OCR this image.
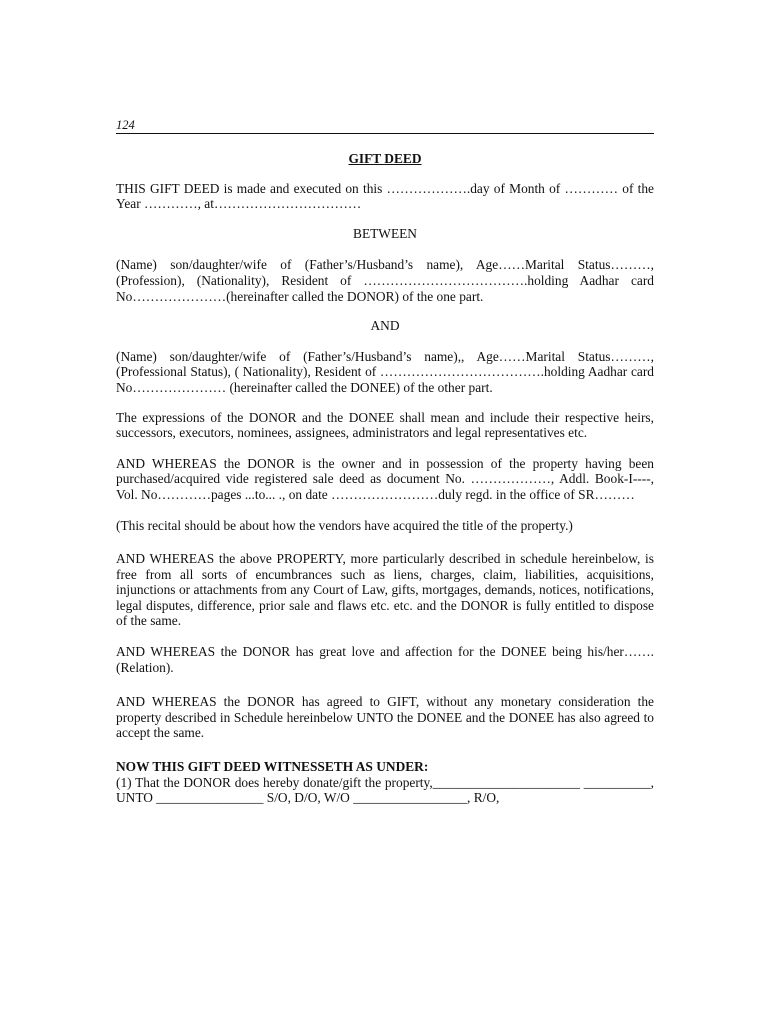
124
GIFT DEED

THIS GIFT DEED is made and executed on this ……………….day of Month of ………… of the Year …………, at……………………………

BETWEEN

(Name) son/daughter/wife of (Father’s/Husband’s name), Age……Marital Status………, (Profession), (Nationality), Resident of ……………………………….holding Aadhar card No…………………(hereinafter called the DONOR) of the one part.

AND

(Name) son/daughter/wife of (Father’s/Husband’s name),, Age……Marital Status………, (Professional Status), ( Nationality), Resident of ……………………………….holding Aadhar card No………………… (hereinafter called the DONEE) of the other part.

The expressions of the DONOR and the DONEE shall mean and include their respective heirs, successors, executors, nominees, assignees, administrators and legal representatives etc.

AND WHEREAS the DONOR is the owner and in possession of the property having been purchased/acquired vide registered sale deed as document No. ………………, Addl. Book-I----, Vol. No…………pages ...to... ., on date ……………………duly regd. in the office of SR………

(This recital should be about how the vendors have acquired the title of the property.)

AND WHEREAS the above PROPERTY, more particularly described in schedule hereinbelow, is free from all sorts of encumbrances such as liens, charges, claim, liabilities, acquisitions, injunctions or attachments from any Court of Law, gifts, mortgages, demands, notices, notifications, legal disputes, difference, prior sale and flaws etc. etc. and the DONOR is fully entitled to dispose of the same.

AND WHEREAS the DONOR has great love and affection for the DONEE being his/her…….(Relation).

AND WHEREAS the DONOR has agreed to GIFT, without any monetary consideration the property described in Schedule hereinbelow UNTO the DONEE and the DONEE has also agreed to accept the same.

NOW THIS GIFT DEED WITNESSETH AS UNDER:

(1) That the DONOR does hereby donate/gift the property,______________________ __________, UNTO ________________ S/O, D/O, W/O _________________, R/O,
